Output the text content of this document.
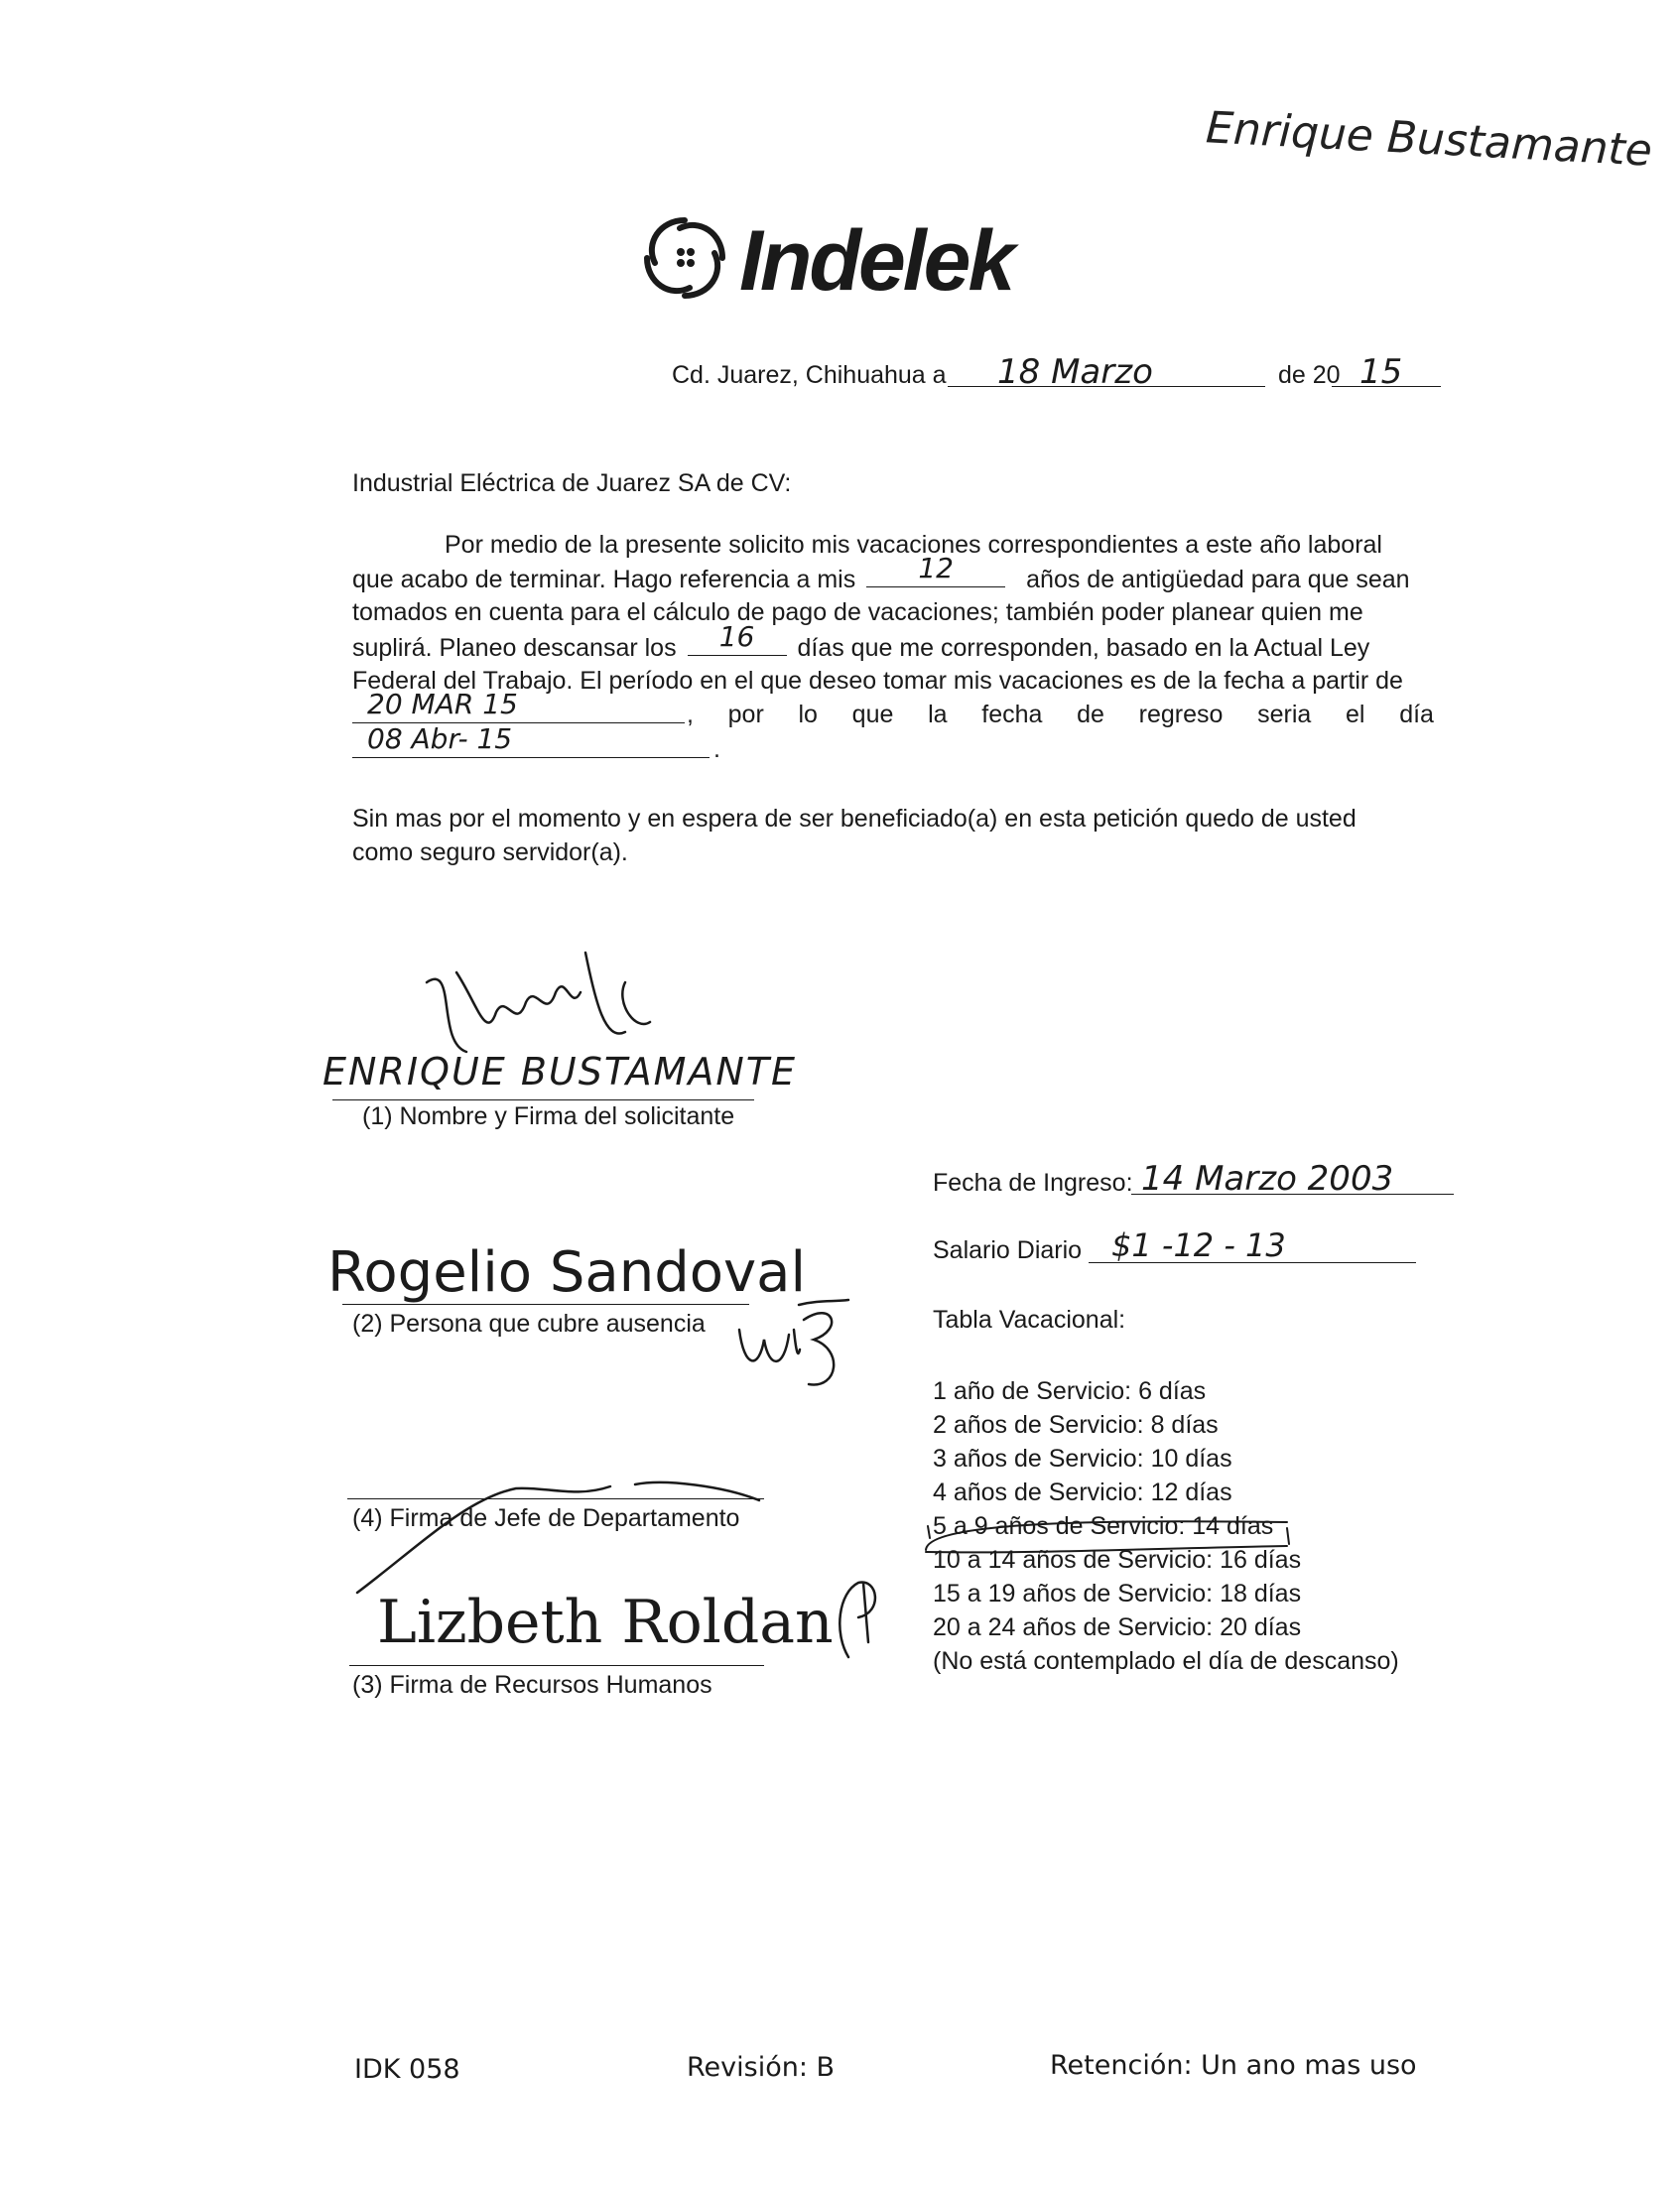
Enrique Bustamante
Indelek
Cd. Juarez, Chihuahua a 18 Marzo	de 20 15
Industrial Eléctrica de Juarez SA de CV:
Por medio de la presente solicito mis vacaciones correspondientes a este año laboral
que acabo de terminar. Hago referencia a mis	12	años de antigüedad para que sean
tomados en cuenta para el cálculo de pago de vacaciones; también poder planear quien me
suplirá. Planeo descansar los	16	días que me corresponden, basado en la Actual Ley
Federal del Trabajo. El período en el que deseo tomar mis vacaciones es de la fecha a partir de
20 MAR 15	, por lo que la fecha de regreso seria el día
08 Abr- 15	.
Sin mas por el momento y en espera de ser beneficiado(a) en esta petición quedo de usted
como seguro servidor(a).
ENRIQUE BUSTAMANTE
(1) Nombre y Firma del solicitante
Fecha de Ingreso: 14 Marzo 2003
Salario Diario $1 -12 - 13
Tabla Vacacional:
1 año de Servicio: 6 días
2 años de Servicio: 8 días
3 años de Servicio: 10 días
4 años de Servicio: 12 días
5 a 9 años de Servicio: 14 días
10 a 14 años de Servicio: 16 días
15 a 19 años de Servicio: 18 días
20 a 24 años de Servicio: 20 días
(No está contemplado el día de descanso)
Rogelio Sandoval
(2) Persona que cubre ausencia
(4) Firma de Jefe de Departamento
Lizbeth Roldan
(3) Firma de Recursos Humanos
IDK 058	Revisión: B	Retención: Un ano mas uso
